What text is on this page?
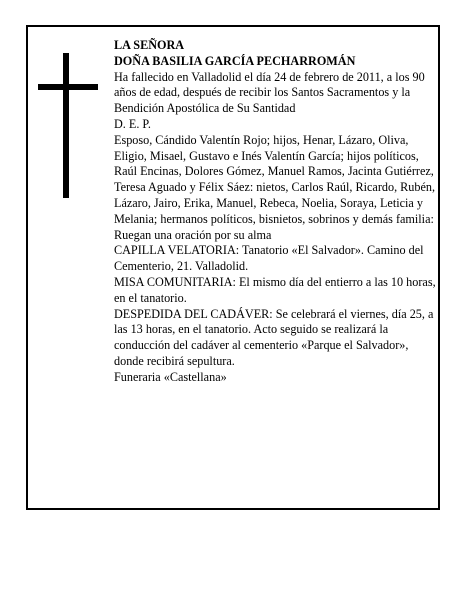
LA SEÑORA

DOÑA BASILIA GARCÍA PECHARROMÁN

Ha fallecido en Valladolid el día 24 de febrero de 2011, a los 90 años de edad, después de recibir los Santos Sacramentos y la Bendición Apostólica de Su Santidad

D. E. P.

Esposo, Cándido Valentín Rojo; hijos, Henar, Lázaro, Oliva, Eligio, Misael, Gustavo e Inés Valentín García; hijos políticos, Raúl Encinas, Dolores Gómez, Manuel Ramos, Jacinta Gutiérrez, Teresa Aguado y Félix Sáez: nietos, Carlos Raúl, Ricardo, Rubén, Lázaro, Jairo, Erika, Manuel, Rebeca, Noelia, Soraya, Leticia y Melania; hermanos políticos, bisnietos, sobrinos y demás familia:

Ruegan una oración por su alma

CAPILLA VELATORIA: Tanatorio «El Salvador». Camino del Cementerio, 21. Valladolid.

MISA COMUNITARIA: El mismo día del entierro a las 10 horas, en el tanatorio.

DESPEDIDA DEL CADÁVER: Se celebrará el viernes, día 25, a las 13 horas, en el tanatorio. Acto seguido se realizará la conducción del cadáver al cementerio «Parque el Salvador», donde recibirá sepultura.

Funeraria «Castellana»
